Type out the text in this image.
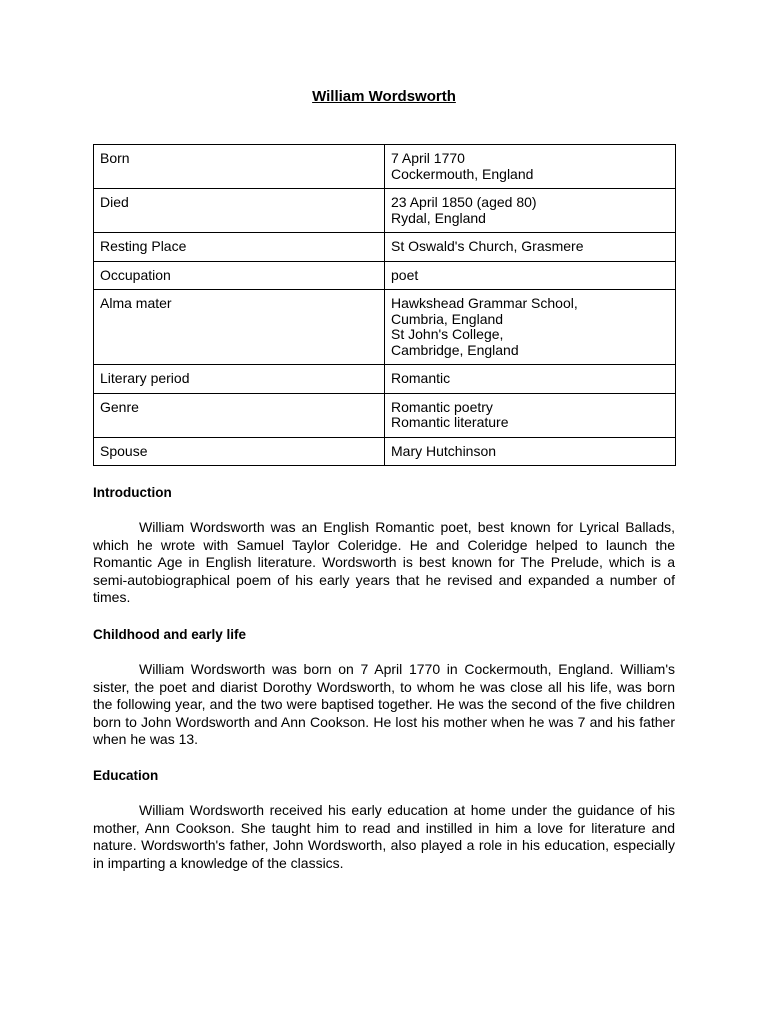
William Wordsworth
Born	7 April 1770
Cockermouth, England

Died	23 April 1850 (aged 80)
Rydal, England

Resting Place	St Oswald's Church, Grasmere

Occupation	poet

Alma mater	Hawkshead Grammar School,
Cumbria, England
St John's College,
Cambridge, England

Literary period	Romantic

Genre	Romantic poetry
Romantic literature

Spouse	Mary Hutchinson

Introduction

William Wordsworth was an English Romantic poet, best known for Lyrical Ballads, which he wrote with Samuel Taylor Coleridge. He and Coleridge helped to launch the Romantic Age in English literature. Wordsworth is best known for The Prelude, which is a semi-autobiographical poem of his early years that he revised and expanded a number of times.

Childhood and early life

William Wordsworth was born on 7 April 1770 in Cockermouth, England. William's sister, the poet and diarist Dorothy Wordsworth, to whom he was close all his life, was born the following year, and the two were baptised together. He was the second of the five children born to John Wordsworth and Ann Cookson. He lost his mother when he was 7 and his father when he was 13.

Education

William Wordsworth received his early education at home under the guidance of his mother, Ann Cookson. She taught him to read and instilled in him a love for literature and nature. Wordsworth's father, John Wordsworth, also played a role in his education, especially in imparting a knowledge of the classics.
